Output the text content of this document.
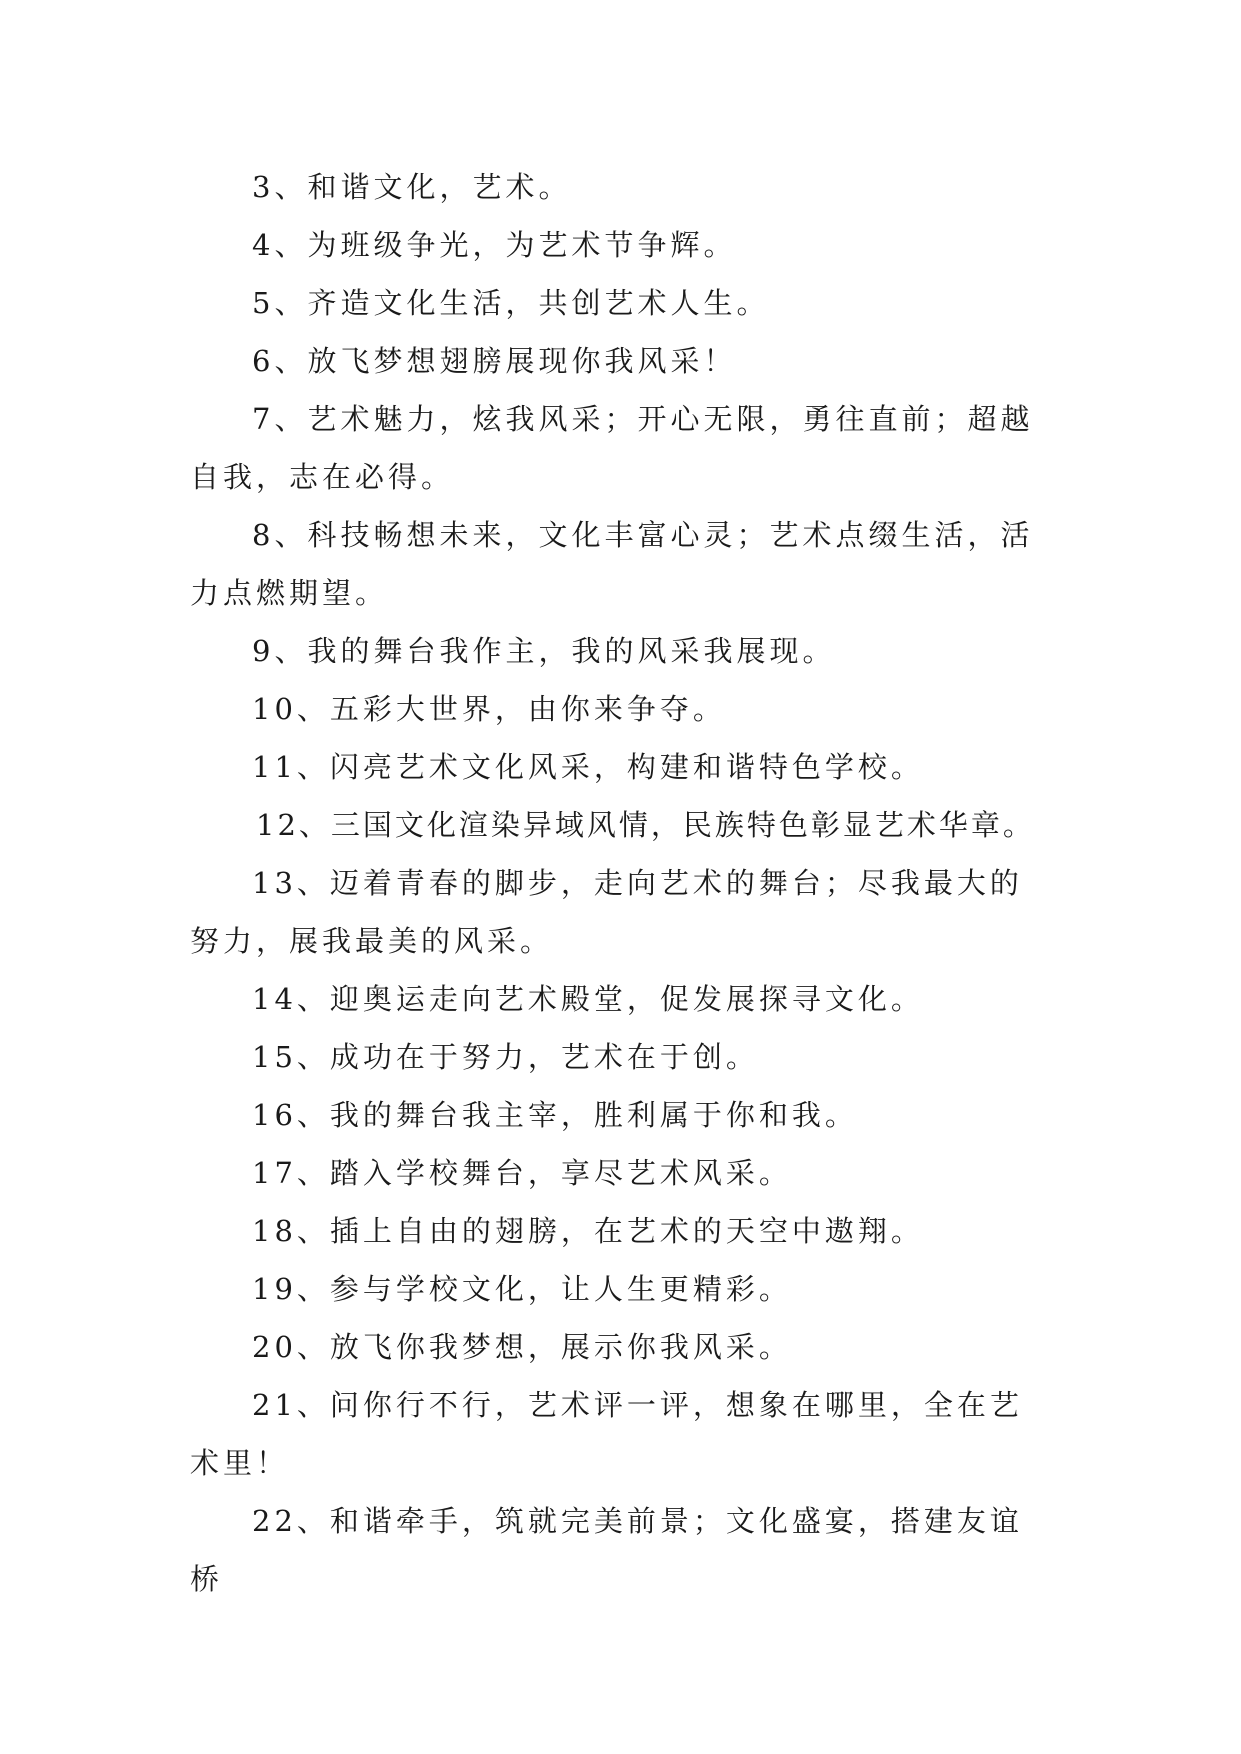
3、和谐文化，艺术。

4、为班级争光，为艺术节争辉。

5、齐造文化生活，共创艺术人生。

6、放飞梦想翅膀展现你我风采！

7、艺术魅力，炫我风采；开心无限，勇往直前；超越自我，志在必得。

8、科技畅想未来，文化丰富心灵；艺术点缀生活，活力点燃期望。

9、我的舞台我作主，我的风采我展现。

10、五彩大世界，由你来争夺。

11、闪亮艺术文化风采，构建和谐特色学校。

12、三国文化渲染异域风情，民族特色彰显艺术华章。

13、迈着青春的脚步，走向艺术的舞台；尽我最大的努力，展我最美的风采。

14、迎奥运走向艺术殿堂，促发展探寻文化。

15、成功在于努力，艺术在于创。

16、我的舞台我主宰，胜利属于你和我。

17、踏入学校舞台，享尽艺术风采。

18、插上自由的翅膀，在艺术的天空中遨翔。

19、参与学校文化，让人生更精彩。

20、放飞你我梦想，展示你我风采。

21、问你行不行，艺术评一评，想象在哪里，全在艺术里！

22、和谐牵手，筑就完美前景；文化盛宴，搭建友谊桥
